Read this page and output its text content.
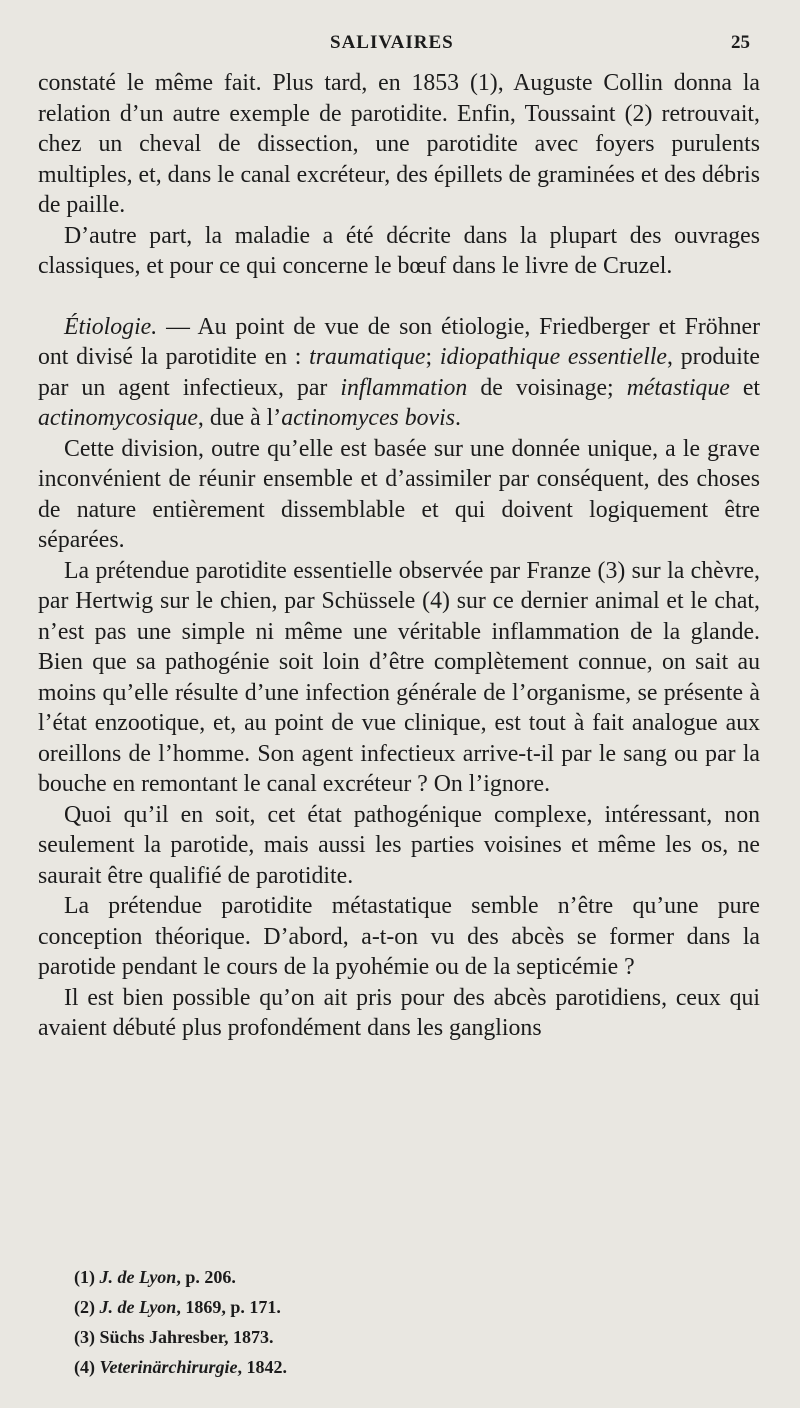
SALIVAIRES	25

constaté le même fait. Plus tard, en 1853 (1), Auguste Collin donna la relation d’un autre exemple de parotidite. Enfin, Toussaint (2) retrouvait, chez un cheval de dissection, une parotidite avec foyers purulents multiples, et, dans le canal excréteur, des épillets de graminées et des débris de paille.

D’autre part, la maladie a été décrite dans la plupart des ouvrages classiques, et pour ce qui concerne le bœuf dans le livre de Cruzel.

Étiologie. — Au point de vue de son étiologie, Friedberger et Fröhner ont divisé la parotidite en : traumatique; idiopathique essentielle, produite par un agent infectieux, par inflammation de voisinage; métastique et actinomycosique, due à l’actinomyces bovis.

Cette division, outre qu’elle est basée sur une donnée unique, a le grave inconvénient de réunir ensemble et d’assimiler par conséquent, des choses de nature entièrement dissemblable et qui doivent logiquement être séparées.

La prétendue parotidite essentielle observée par Franze (3) sur la chèvre, par Hertwig sur le chien, par Schüssele (4) sur ce dernier animal et le chat, n’est pas une simple ni même une véritable inflammation de la glande. Bien que sa pathogénie soit loin d’être complètement connue, on sait au moins qu’elle résulte d’une infection générale de l’organisme, se présente à l’état enzootique, et, au point de vue clinique, est tout à fait analogue aux oreillons de l’homme. Son agent infectieux arrive-t-il par le sang ou par la bouche en remontant le canal excréteur ? On l’ignore.

Quoi qu’il en soit, cet état pathogénique complexe, intéressant, non seulement la parotide, mais aussi les parties voisines et même les os, ne saurait être qualifié de parotidite.

La prétendue parotidite métastatique semble n’être qu’une pure conception théorique. D’abord, a-t-on vu des abcès se former dans la parotide pendant le cours de la pyohémie ou de la septicémie ?

Il est bien possible qu’on ait pris pour des abcès parotidiens, ceux qui avaient débuté plus profondément dans les ganglions

(1) J. de Lyon, p. 206.
(2) J. de Lyon, 1869, p. 171.
(3) Süchs Jahresber, 1873.
(4) Veterinärchirurgie, 1842.
